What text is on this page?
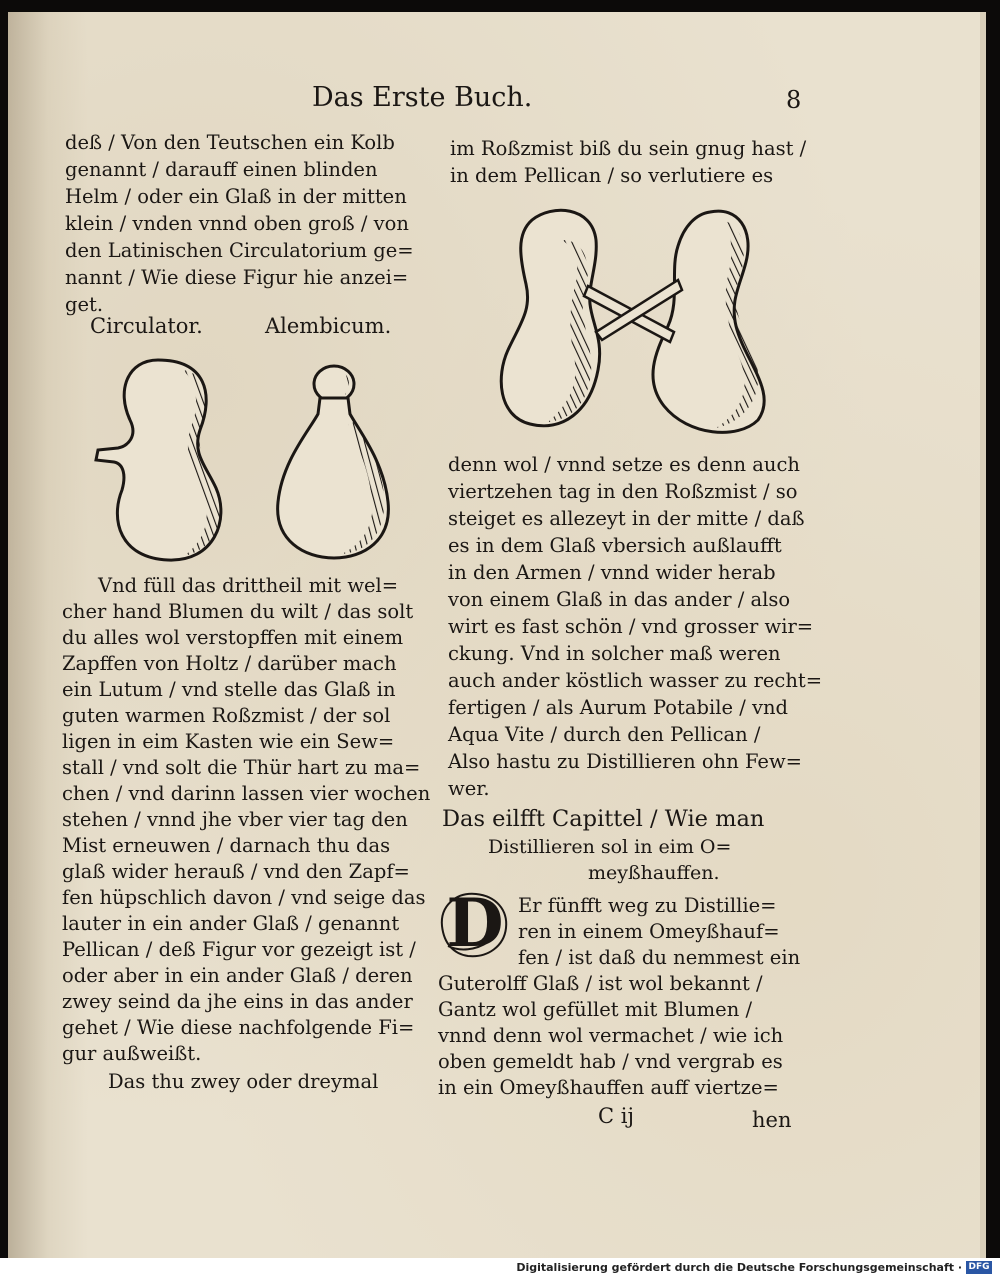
Das Erste Buch.	8
deß / Von den Teutschen ein Kolb
genannt / darauff einen blinden
Helm / oder ein Glaß in der mitten
klein / vnden vnnd oben groß / von
den Latinischen Circulatorium ge=
nannt / Wie diese Figur hie anzei=
get.
Circulator.	Alembicum.
Vnd füll das drittheil mit wel=
cher hand Blumen du wilt / das solt
du alles wol verstopffen mit einem
Zapffen von Holtz / darüber mach
ein Lutum / vnd stelle das Glaß in
guten warmen Roßzmist / der sol
ligen in eim Kasten wie ein Sew=
stall / vnd solt die Thür hart zu ma=
chen / vnd darinn lassen vier wochen
stehen / vnnd jhe vber vier tag den
Mist erneuwen / darnach thu das
glaß wider herauß / vnd den Zapf=
fen hüpschlich davon / vnd seige das
lauter in ein ander Glaß / genannt
Pellican / deß Figur vor gezeigt ist /
oder aber in ein ander Glaß / deren
zwey seind da jhe eins in das ander
gehet / Wie diese nachfolgende Fi=
gur außweißt.
Das thu zwey oder dreymal
im Roßzmist biß du sein gnug hast /
in dem Pellican / so verlutiere es
denn wol / vnnd setze es denn auch
viertzehen tag in den Roßzmist / so
steiget es allezeyt in der mitte / daß
es in dem Glaß vbersich außlaufft
in den Armen / vnnd wider herab
von einem Glaß in das ander / also
wirt es fast schön / vnd grosser wir=
ckung. Vnd in solcher maß weren
auch ander köstlich wasser zu recht=
fertigen / als Aurum Potabile / vnd
Aqua Vite / durch den Pellican /
Also hastu zu Distillieren ohn Few=
wer.
Das eilfft Capittel / Wie man
Distillieren sol in eim O=
meyßhauffen.
D Er fünfft weg zu Distillie=
ren in einem Omeyßhauf=
fen / ist daß du nemmest ein
Guterolff Glaß / ist wol bekannt /
Gantz wol gefüllet mit Blumen /
vnnd denn wol vermachet / wie ich
oben gemeldt hab / vnd vergrab es
in ein Omeyßhauffen auff viertze=
C ij	hen
Digitalisierung gefördert durch die Deutsche Forschungsgemeinschaft · DFG
